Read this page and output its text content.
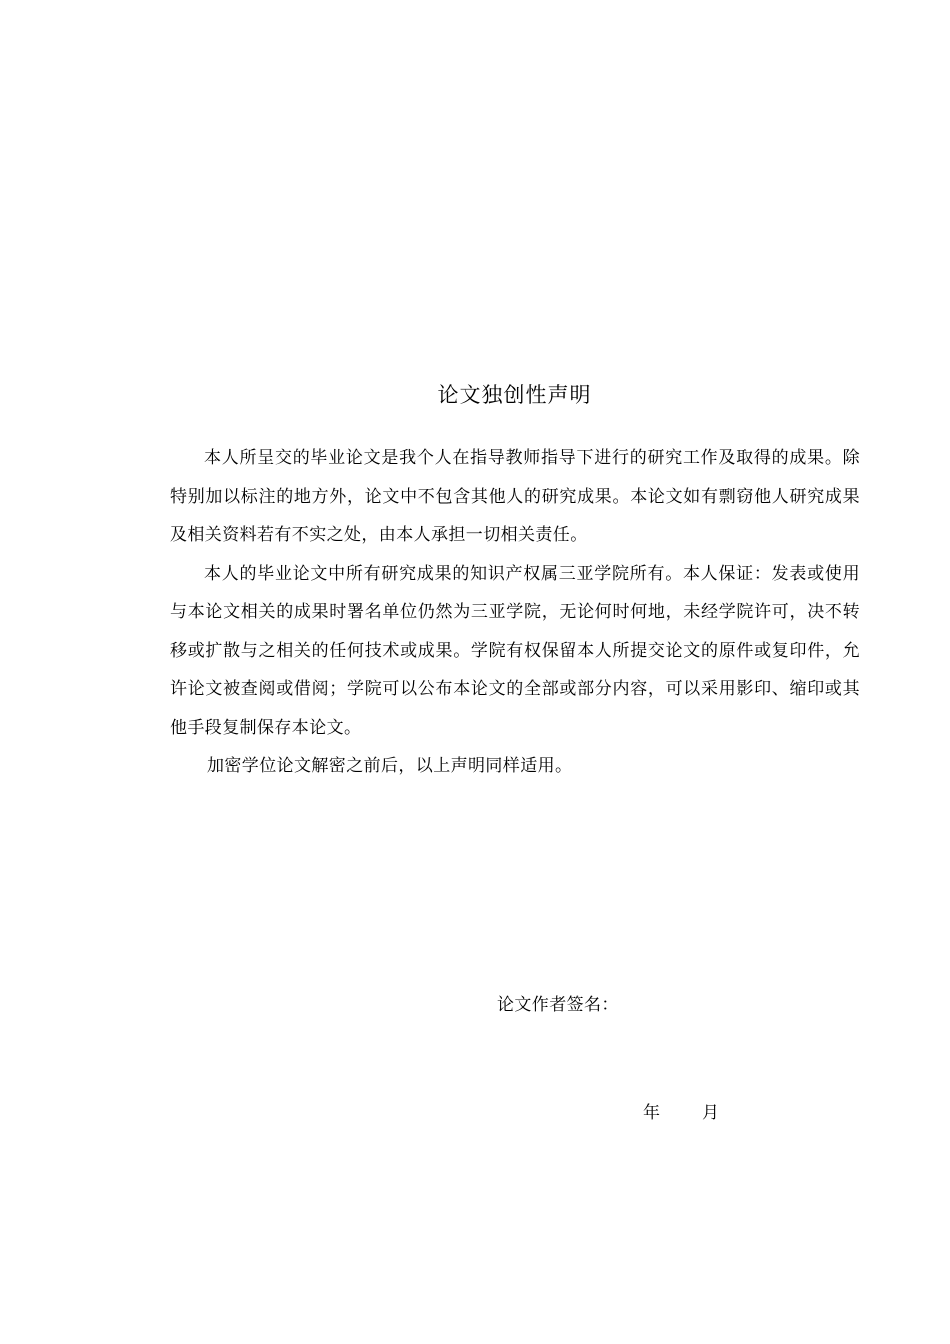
论文独创性声明

本人所呈交的毕业论文是我个人在指导教师指导下进行的研究工作及取得的成果。除特别加以标注的地方外，论文中不包含其他人的研究成果。本论文如有剽窃他人研究成果及相关资料若有不实之处，由本人承担一切相关责任。

本人的毕业论文中所有研究成果的知识产权属三亚学院所有。本人保证：发表或使用与本论文相关的成果时署名单位仍然为三亚学院，无论何时何地，未经学院许可，决不转移或扩散与之相关的任何技术或成果。学院有权保留本人所提交论文的原件或复印件，允许论文被查阅或借阅；学院可以公布本论文的全部或部分内容，可以采用影印、缩印或其他手段复制保存本论文。

加密学位论文解密之前后，以上声明同样适用。

论文作者签名：
年 月
